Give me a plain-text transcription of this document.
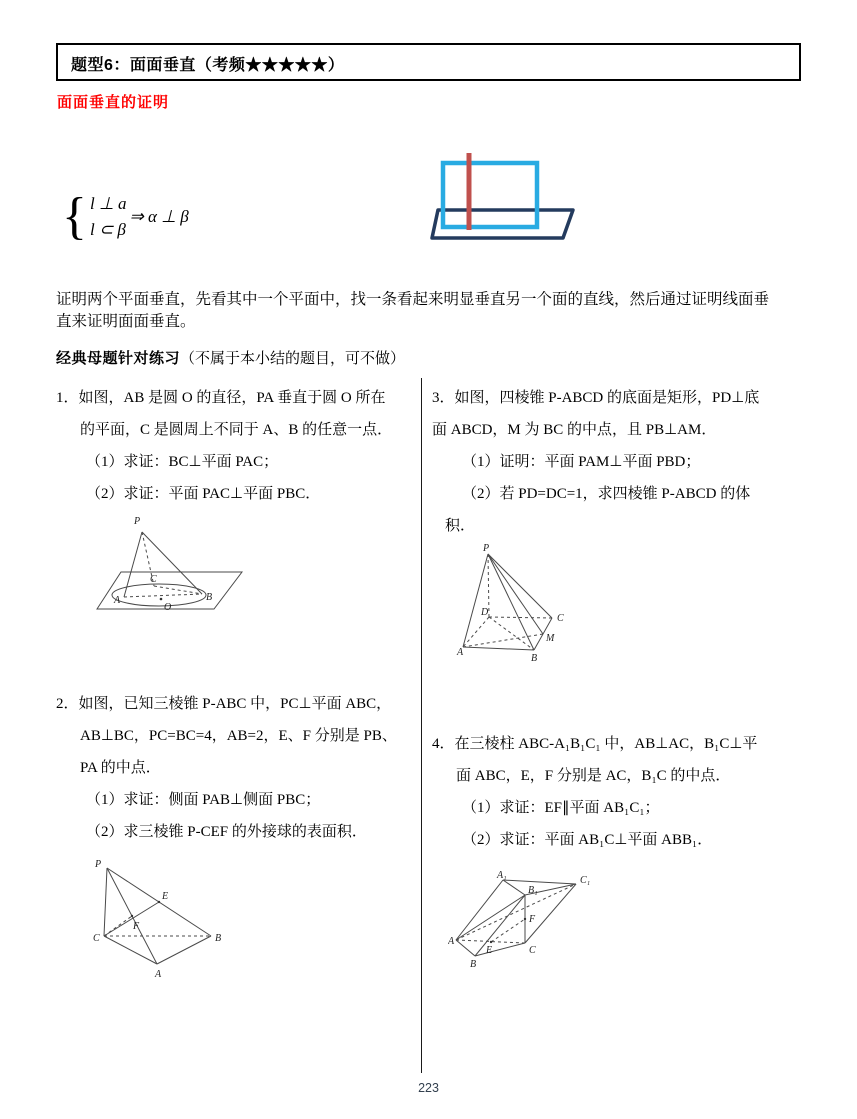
题型6：面面垂直（考频★★★★★）
面面垂直的证明
{ l ⊥ a
l ⊂ β
⇒ α ⊥ β
证明两个平面垂直，先看其中一个平面中，找一条看起来明显垂直另一个面的直线，然后通过证明线面垂
直来证明面面垂直。
经典母题针对练习（不属于本小结的题目，可不做）
1．如图，AB 是圆 O 的直径，PA 垂直于圆 O 所在
的平面，C 是圆周上不同于 A、B 的任意一点．
（1）求证：BC⊥平面 PAC；
（2）求证：平面 PAC⊥平面 PBC．
P
A	B
C
O
2．如图，已知三棱锥 P-ABC 中，PC⊥平面 ABC，
AB⊥BC，PC=BC=4，AB=2，E、F 分别是 PB、
PA 的中点．
（1）求证：侧面 PAB⊥侧面 PBC；
（2）求三棱锥 P-CEF 的外接球的表面积．
P
C	B
A
E
F
3．如图，四棱锥 P-ABCD 的底面是矩形，PD⊥底
面 ABCD，M 为 BC 的中点，且 PB⊥AM．
（1）证明：平面 PAM⊥平面 PBD；
（2）若 PD=DC=1，求四棱锥 P-ABCD 的体
积．
P
D
C
M
A
B
4．在三棱柱 ABC-A₁B₁C₁ 中，AB⊥AC，B₁C⊥平
面 ABC，E，F 分别是 AC，B₁C 的中点．
（1）求证：EF∥平面 AB₁C₁；
（2）求证：平面 AB₁C⊥平面 ABB₁．
A₁	C₁
B₁
A
B
C
E
F
223
